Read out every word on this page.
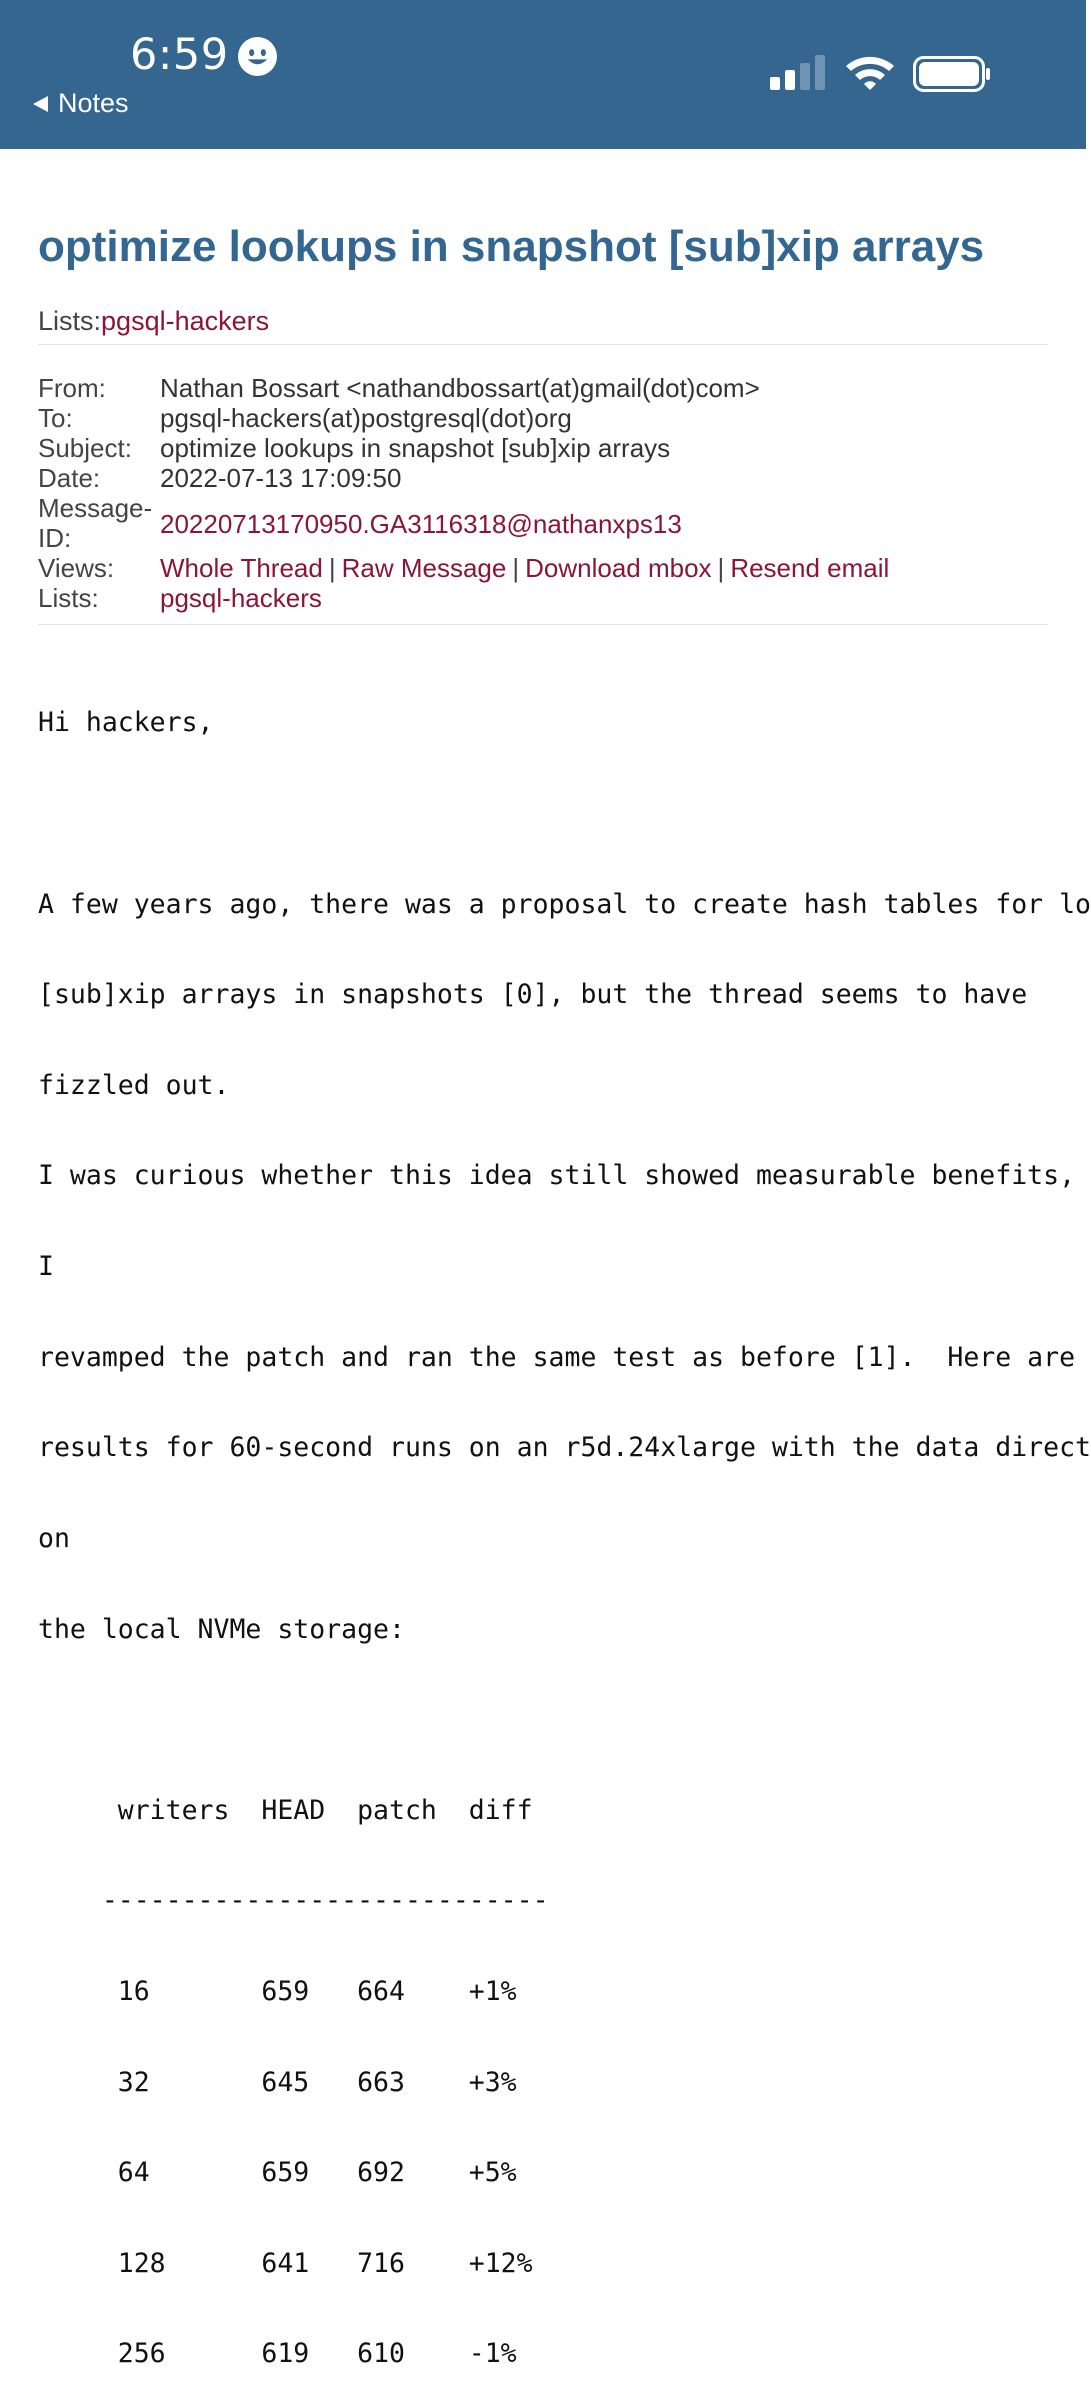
6:59
Notes
optimize lookups in snapshot [sub]xip arrays
Lists:pgsql-hackers
From:	Nathan Bossart <nathandbossart(at)gmail(dot)com>
To:	pgsql-hackers(at)postgresql(dot)org
Subject:	optimize lookups in snapshot [sub]xip arrays
Date:	2022-07-13 17:09:50
Message-
ID:	20220713170950.GA3116318@nathanxps13
Views:	Whole Thread | Raw Message | Download mbox | Resend email
Lists:	pgsql-hackers

Hi hackers,

A few years ago, there was a proposal to create hash tables for lo

[sub]xip arrays in snapshots [0], but the thread seems to have

fizzled out.

I was curious whether this idea still showed measurable benefits,

I

revamped the patch and ran the same test as before [1].  Here are

results for 60-second runs on an r5d.24xlarge with the data direct

on

the local NVMe storage:

writers  HEAD  patch  diff

----------------------------

16       659   664    +1%

32       645   663    +3%

64       659   692    +5%

128      641   716    +12%

256      619   610    -1%
